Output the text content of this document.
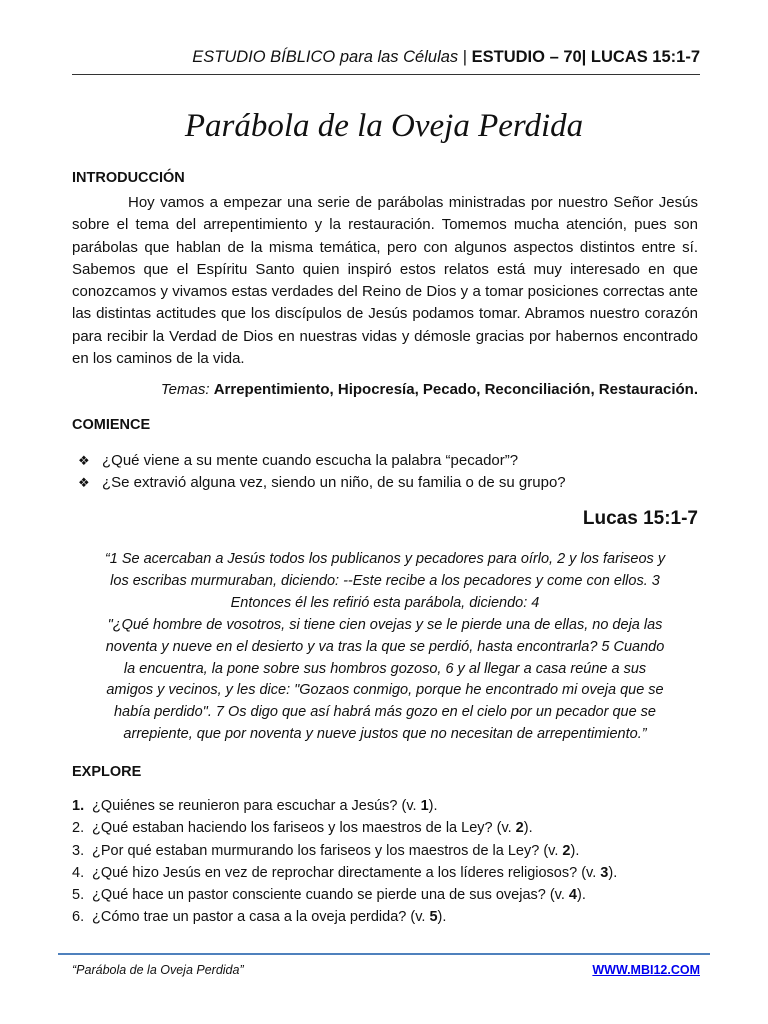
ESTUDIO BÍBLICO para las Células | ESTUDIO – 70| LUCAS 15:1-7
Parábola de la Oveja Perdida
INTRODUCCIÓN

Hoy vamos a empezar una serie de parábolas ministradas por nuestro Señor Jesús sobre el tema del arrepentimiento y la restauración. Tomemos mucha atención, pues son parábolas que hablan de la misma temática, pero con algunos aspectos distintos entre sí. Sabemos que el Espíritu Santo quien inspiró estos relatos está muy interesado en que conozcamos y vivamos estas verdades del Reino de Dios y a tomar posiciones correctas ante las distintas actitudes que los discípulos de Jesús podamos tomar. Abramos nuestro corazón para recibir la Verdad de Dios en nuestras vidas y démosle gracias por habernos encontrado en los caminos de la vida.

Temas: Arrepentimiento, Hipocresía, Pecado, Reconciliación, Restauración.
COMIENCE
❖ ¿Qué viene a su mente cuando escucha la palabra “pecador”?
❖ ¿Se extravió alguna vez, siendo un niño, de su familia o de su grupo?
Lucas 15:1-7
“1 Se acercaban a Jesús todos los publicanos y pecadores para oírlo, 2 y los fariseos y
los escribas murmuraban, diciendo: --Este recibe a los pecadores y come con ellos. 3
Entonces él les refirió esta parábola, diciendo: 4
"¿Qué hombre de vosotros, si tiene cien ovejas y se le pierde una de ellas, no deja las
noventa y nueve en el desierto y va tras la que se perdió, hasta encontrarla? 5 Cuando
la encuentra, la pone sobre sus hombros gozoso, 6 y al llegar a casa reúne a sus
amigos y vecinos, y les dice: "Gozaos conmigo, porque he encontrado mi oveja que se
había perdido". 7 Os digo que así habrá más gozo en el cielo por un pecador que se
arrepiente, que por noventa y nueve justos que no necesitan de arrepentimiento.”
EXPLORE
1. ¿Quiénes se reunieron para escuchar a Jesús? (v. 1).
2. ¿Qué estaban haciendo los fariseos y los maestros de la Ley? (v. 2).
3. ¿Por qué estaban murmurando los fariseos y los maestros de la Ley? (v. 2).
4. ¿Qué hizo Jesús en vez de reprochar directamente a los líderes religiosos? (v. 3).
5. ¿Qué hace un pastor consciente cuando se pierde una de sus ovejas? (v. 4).
6. ¿Cómo trae un pastor a casa a la oveja perdida? (v. 5).
“Parábola de la Oveja Perdida”	WWW.MBI12.COM
